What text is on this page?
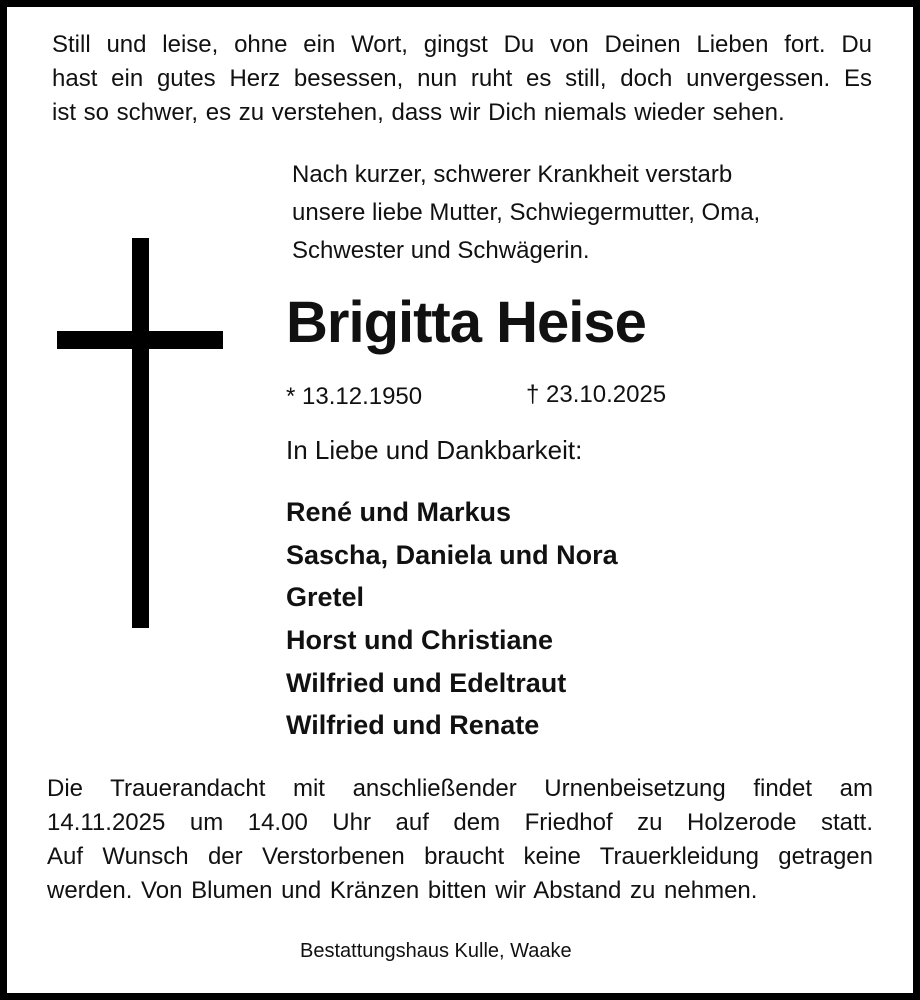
Still und leise, ohne ein Wort, gingst Du von Deinen Lieben fort. Du
hast ein gutes Herz besessen, nun ruht es still, doch unvergessen. Es
ist so schwer, es zu verstehen, dass wir Dich niemals wieder sehen.
Nach kurzer, schwerer Krankheit verstarb
unsere liebe Mutter, Schwiegermutter, Oma,
Schwester und Schwägerin.
Brigitta Heise
* 13.12.1950	† 23.10.2025
In Liebe und Dankbarkeit:
René und Markus
Sascha, Daniela und Nora
Gretel
Horst und Christiane
Wilfried und Edeltraut
Wilfried und Renate
Die Trauerandacht mit anschließender Urnenbeisetzung findet am
14.11.2025 um 14.00 Uhr auf dem Friedhof zu Holzerode statt.
Auf Wunsch der Verstorbenen braucht keine Trauerkleidung getragen
werden. Von Blumen und Kränzen bitten wir Abstand zu nehmen.
Bestattungshaus Kulle, Waake
